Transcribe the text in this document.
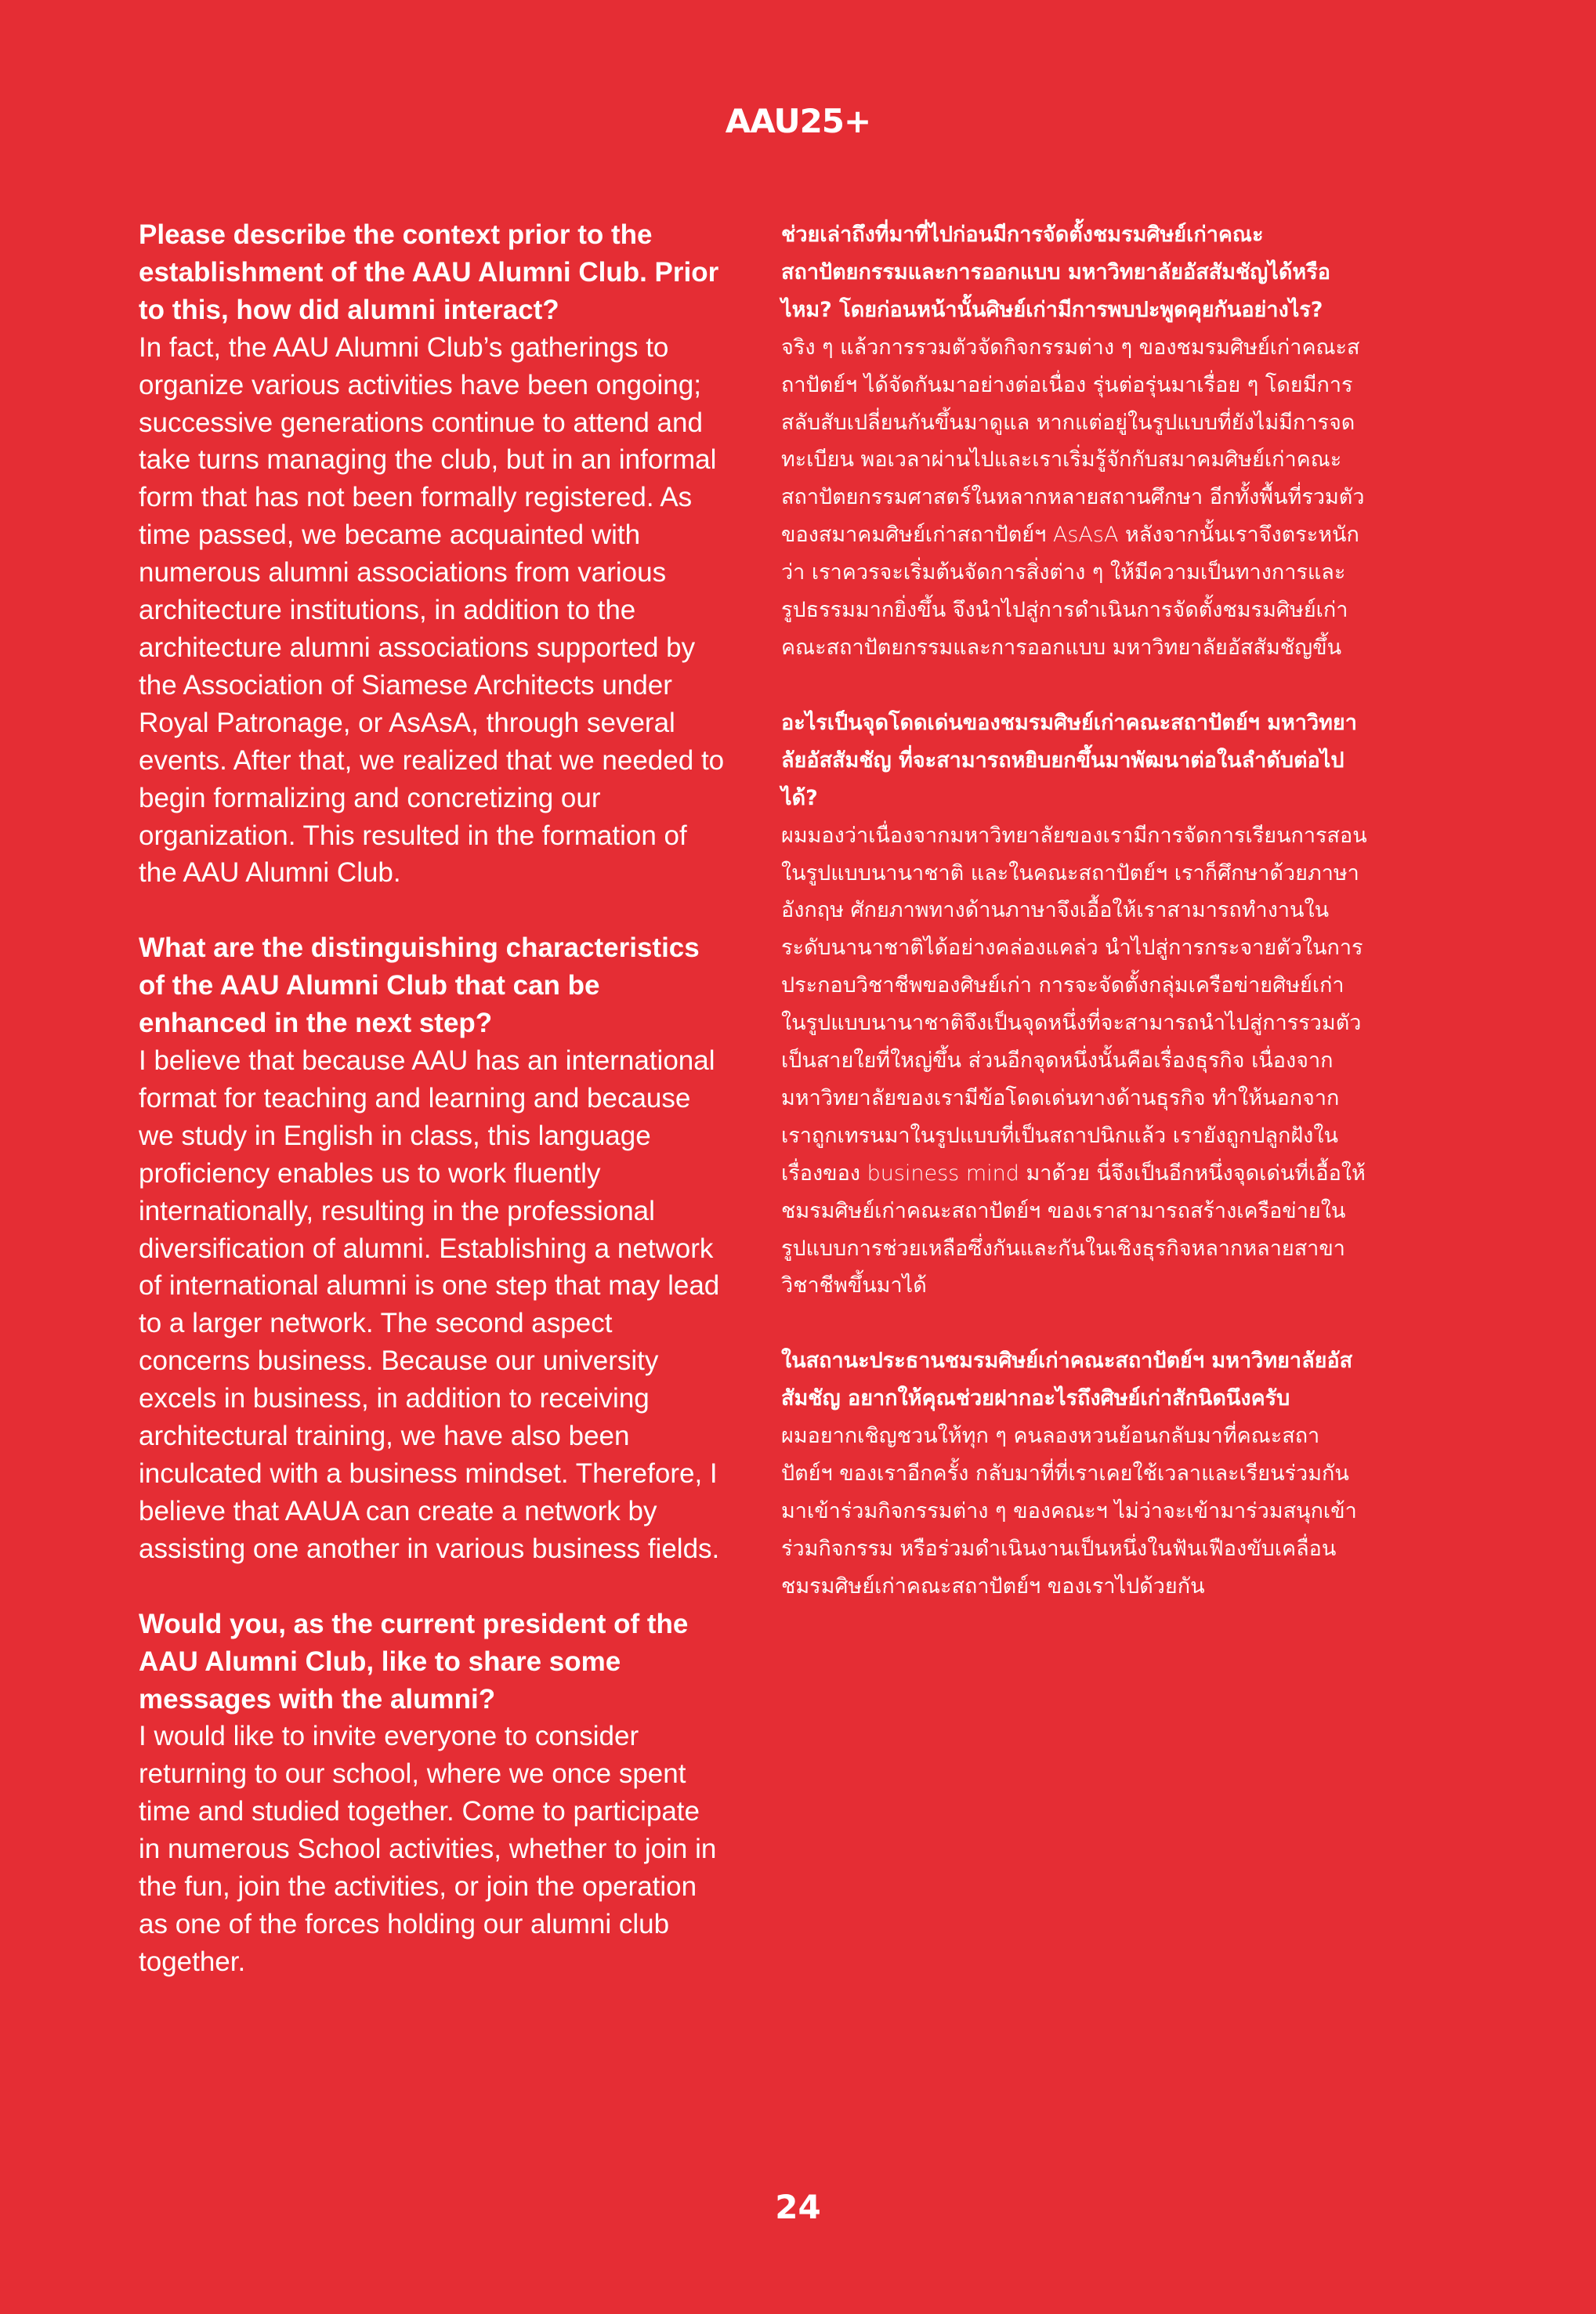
AAU25+

Please describe the context prior to the establishment of the AAU Alumni Club. Prior to this, how did alumni interact?

In fact, the AAU Alumni Club’s gatherings to organize various activities have been ongoing; successive generations continue to attend and take turns managing the club, but in an informal form that has not been formally registered. As time passed, we became acquainted with numerous alumni associations from various architecture institutions, in addition to the architecture alumni associations supported by the Association of Siamese Architects under Royal Patronage, or AsAsA, through several events. After that, we realized that we needed to begin formalizing and concretizing our organization. This resulted in the formation of the AAU Alumni Club.

What are the distinguishing characteristics of the AAU Alumni Club that can be enhanced in the next step?

I believe that because AAU has an international format for teaching and learning and because we study in English in class, this language proficiency enables us to work fluently internationally, resulting in the professional diversification of alumni. Establishing a network of international alumni is one step that may lead to a larger network. The second aspect concerns business. Because our university excels in business, in addition to receiving architectural training, we have also been inculcated with a business mindset. Therefore, I believe that AAUA can create a network by assisting one another in various business fields.

Would you, as the current president of the AAU Alumni Club, like to share some messages with the alumni?

I would like to invite everyone to consider returning to our school, where we once spent time and studied together. Come to participate in numerous School activities, whether to join in the fun, join the activities, or join the operation as one of the forces holding our alumni club together.

ช่วยเล่าถึงที่มาที่ไปก่อนมีการจัดตั้งชมรมศิษย์เก่าคณะสถาปัตยกรรมและการออกแบบ มหาวิทยาลัยอัสสัมชัญได้หรือไหม? โดยก่อนหน้านั้นศิษย์เก่ามีการพบปะพูดคุยกันอย่างไร?

จริง ๆ แล้วการรวมตัวจัดกิจกรรมต่าง ๆ ของชมรมศิษย์เก่าคณะสถาปัตย์ฯ ได้จัดกันมาอย่างต่อเนื่อง รุ่นต่อรุ่นมาเรื่อย ๆ โดยมีการสลับสับเปลี่ยนกันขึ้นมาดูแล หากแต่อยู่ในรูปแบบที่ยังไม่มีการจดทะเบียน พอเวลาผ่านไปและเราเริ่มรู้จักกับสมาคมศิษย์เก่าคณะสถาปัตยกรรมศาสตร์ในหลากหลายสถานศึกษา อีกทั้งพื้นที่รวมตัวของสมาคมศิษย์เก่าสถาปัตย์ฯ AsAsA หลังจากนั้นเราจึงตระหนักว่า เราควรจะเริ่มต้นจัดการสิ่งต่าง ๆ ให้มีความเป็นทางการและรูปธรรมมากยิ่งขึ้น จึงนำไปสู่การดำเนินการจัดตั้งชมรมศิษย์เก่าคณะสถาปัตยกรรมและการออกแบบ มหาวิทยาลัยอัสสัมชัญขึ้น

อะไรเป็นจุดโดดเด่นของชมรมศิษย์เก่าคณะสถาปัตย์ฯ มหาวิทยาลัยอัสสัมชัญ ที่จะสามารถหยิบยกขึ้นมาพัฒนาต่อในลำดับต่อไปได้?

ผมมองว่าเนื่องจากมหาวิทยาลัยของเรามีการจัดการเรียนการสอนในรูปแบบนานาชาติ และในคณะสถาปัตย์ฯ เราก็ศึกษาด้วยภาษาอังกฤษ ศักยภาพทางด้านภาษาจึงเอื้อให้เราสามารถทำงานในระดับนานาชาติได้อย่างคล่องแคล่ว นำไปสู่การกระจายตัวในการประกอบวิชาชีพของศิษย์เก่า การจะจัดตั้งกลุ่มเครือข่ายศิษย์เก่าในรูปแบบนานาชาติจึงเป็นจุดหนึ่งที่จะสามารถนำไปสู่การรวมตัวเป็นสายใยที่ใหญ่ขึ้น ส่วนอีกจุดหนึ่งนั้นคือเรื่องธุรกิจ เนื่องจากมหาวิทยาลัยของเรามีข้อโดดเด่นทางด้านธุรกิจ ทำให้นอกจากเราถูกเทรนมาในรูปแบบที่เป็นสถาปนิกแล้ว เรายังถูกปลูกฝังในเรื่องของ business mind มาด้วย นี่จึงเป็นอีกหนึ่งจุดเด่นที่เอื้อให้ชมรมศิษย์เก่าคณะสถาปัตย์ฯ ของเราสามารถสร้างเครือข่ายในรูปแบบการช่วยเหลือซึ่งกันและกันในเชิงธุรกิจหลากหลายสาขาวิชาชีพขึ้นมาได้

ในสถานะประธานชมรมศิษย์เก่าคณะสถาปัตย์ฯ มหาวิทยาลัยอัสสัมชัญ อยากให้คุณช่วยฝากอะไรถึงศิษย์เก่าสักนิดนึงครับ

ผมอยากเชิญชวนให้ทุก ๆ คนลองหวนย้อนกลับมาที่คณะสถาปัตย์ฯ ของเราอีกครั้ง กลับมาที่ที่เราเคยใช้เวลาและเรียนร่วมกัน มาเข้าร่วมกิจกรรมต่าง ๆ ของคณะฯ ไม่ว่าจะเข้ามาร่วมสนุกเข้าร่วมกิจกรรม หรือร่วมดำเนินงานเป็นหนึ่งในฟันเฟืองขับเคลื่อนชมรมศิษย์เก่าคณะสถาปัตย์ฯ ของเราไปด้วยกัน

24
